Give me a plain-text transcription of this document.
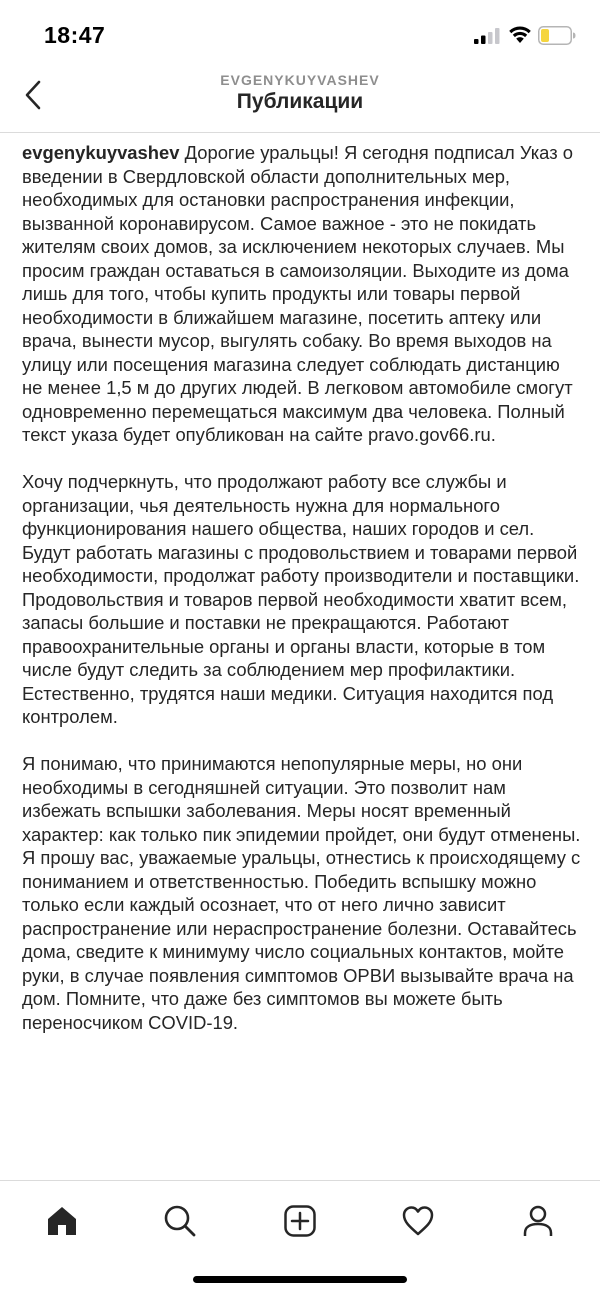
18:47
EVGENYKUYVASHEV
Публикации

evgenykuyvashev Дорогие уральцы! Я сегодня подписал Указ о введении в Свердловской области дополнительных мер, необходимых для остановки распространения инфекции, вызванной коронавирусом. Самое важное - это не покидать жителям своих домов, за исключением некоторых случаев. Мы просим граждан оставаться в самоизоляции. Выходите из дома лишь для того, чтобы купить продукты или товары первой необходимости в ближайшем магазине, посетить аптеку или врача, вынести мусор, выгулять собаку. Во время выходов на улицу или посещения магазина следует соблюдать дистанцию не менее 1,5 м до других людей. В легковом автомобиле смогут одновременно перемещаться максимум два человека. Полный текст указа будет опубликован на сайте pravo.gov66.ru.

Хочу подчеркнуть, что продолжают работу все службы и организации, чья деятельность нужна для нормального функционирования нашего общества, наших городов и сел. Будут работать магазины с продовольствием и товарами первой необходимости, продолжат работу производители и поставщики. Продовольствия и товаров первой необходимости хватит всем, запасы большие и поставки не прекращаются. Работают правоохранительные органы и органы власти, которые в том числе будут следить за соблюдением мер профилактики. Естественно, трудятся наши медики. Ситуация находится под контролем.

Я понимаю, что принимаются непопулярные меры, но они необходимы в сегодняшней ситуации. Это позволит нам избежать вспышки заболевания. Меры носят временный характер: как только пик эпидемии пройдет, они будут отменены. Я прошу вас, уважаемые уральцы, отнестись к происходящему с пониманием и ответственностью. Победить вспышку можно только если каждый осознает, что от него лично зависит распространение или нераспространение болезни. Оставайтесь дома, сведите к минимуму число социальных контактов, мойте руки, в случае появления симптомов ОРВИ вызывайте врача на дом. Помните, что даже без симптомов вы можете быть переносчиком COVID-19.
